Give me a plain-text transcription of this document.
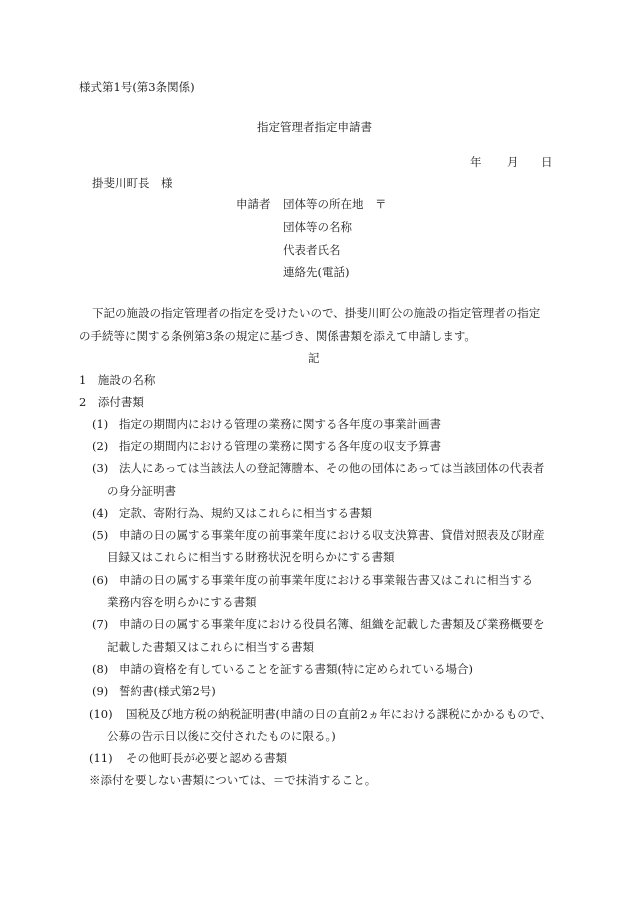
様式第1号(第3条関係)
指定管理者指定申請書
年 月 日
掛斐川町長　様
申請者 団体等の所在地　〒
団体等の名称
代表者氏名
連絡先(電話)
下記の施設の指定管理者の指定を受けたいので、掛斐川町公の施設の指定管理者の指定
の手続等に関する条例第3条の規定に基づき、関係書類を添えて申請します。
記
1　施設の名称
2　添付書類
(1) 指定の期間内における管理の業務に関する各年度の事業計画書
(2) 指定の期間内における管理の業務に関する各年度の収支予算書
(3) 法人にあっては当該法人の登記簿謄本、その他の団体にあっては当該団体の代表者
の身分証明書
(4) 定款、寄附行為、規約又はこれらに相当する書類
(5) 申請の日の属する事業年度の前事業年度における収支決算書、貸借対照表及び財産
目録又はこれらに相当する財務状況を明らかにする書類
(6) 申請の日の属する事業年度の前事業年度における事業報告書又はこれに相当する
業務内容を明らかにする書類
(7) 申請の日の属する事業年度における役員名簿、組織を記載した書類及び業務概要を
記載した書類又はこれらに相当する書類
(8) 申請の資格を有していることを証する書類(特に定められている場合)
(9) 誓約書(様式第2号)
(10) 国税及び地方税の納税証明書(申請の日の直前2ヵ年における課税にかかるもので、
公募の告示日以後に交付されたものに限る。)
(11) その他町長が必要と認める書類
※添付を要しない書類については、＝で抹消すること。
